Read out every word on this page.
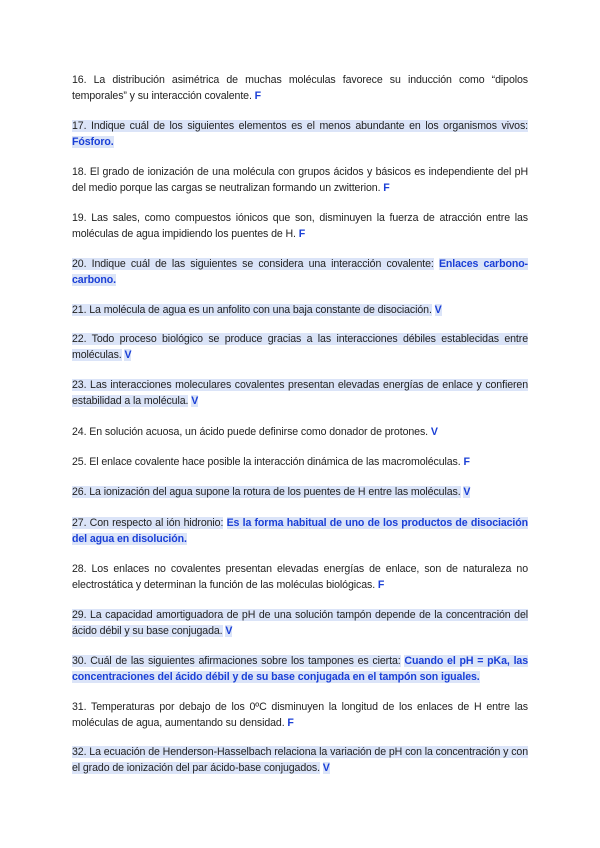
16. La distribución asimétrica de muchas moléculas favorece su inducción como “dipolos temporales” y su interacción covalente. F
17. Indique cuál de los siguientes elementos es el menos abundante en los organismos vivos: Fósforo.
18. El grado de ionización de una molécula con grupos ácidos y básicos es independiente del pH del medio porque las cargas se neutralizan formando un zwitterion. F
19. Las sales, como compuestos iónicos que son, disminuyen la fuerza de atracción entre las moléculas de agua impidiendo los puentes de H. F
20. Indique cuál de las siguientes se considera una interacción covalente: Enlaces carbono-carbono.
21. La molécula de agua es un anfolito con una baja constante de disociación. V
22. Todo proceso biológico se produce gracias a las interacciones débiles establecidas entre moléculas. V
23. Las interacciones moleculares covalentes presentan elevadas energías de enlace y confieren estabilidad a la molécula. V
24. En solución acuosa, un ácido puede definirse como donador de protones. V
25. El enlace covalente hace posible la interacción dinámica de las macromoléculas. F
26. La ionización del agua supone la rotura de los puentes de H entre las moléculas. V
27. Con respecto al ión hidronio: Es la forma habitual de uno de los productos de disociación del agua en disolución.
28. Los enlaces no covalentes presentan elevadas energías de enlace, son de naturaleza no electrostática y determinan la función de las moléculas biológicas. F
29. La capacidad amortiguadora de pH de una solución tampón depende de la concentración del ácido débil y su base conjugada. V
30. Cuál de las siguientes afirmaciones sobre los tampones es cierta: Cuando el pH = pKa, las concentraciones del ácido débil y de su base conjugada en el tampón son iguales.
31. Temperaturas por debajo de los 0ºC disminuyen la longitud de los enlaces de H entre las moléculas de agua, aumentando su densidad. F
32. La ecuación de Henderson-Hasselbach relaciona la variación de pH con la concentración y con el grado de ionización del par ácido-base conjugados. V
